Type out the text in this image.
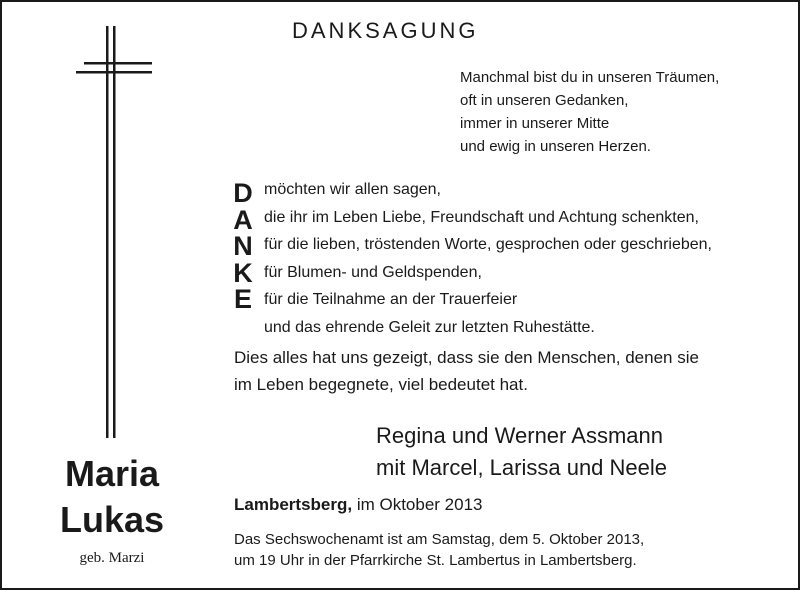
DANKSAGUNG
Manchmal bist du in unseren Träumen,
oft in unseren Gedanken,
immer in unserer Mitte
und ewig in unseren Herzen.
D
A
N
K
E
möchten wir allen sagen,
die ihr im Leben Liebe, Freundschaft und Achtung schenkten,
für die lieben, tröstenden Worte, gesprochen oder geschrieben,
für Blumen- und Geldspenden,
für die Teilnahme an der Trauerfeier
und das ehrende Geleit zur letzten Ruhestätte.
Dies alles hat uns gezeigt, dass sie den Menschen, denen sie
im Leben begegnete, viel bedeutet hat.
Regina und Werner Assmann
mit Marcel, Larissa und Neele
Lambertsberg, im Oktober 2013
Das Sechswochenamt ist am Samstag, dem 5. Oktober 2013,
um 19 Uhr in der Pfarrkirche St. Lambertus in Lambertsberg.
Maria
Lukas
geb. Marzi
